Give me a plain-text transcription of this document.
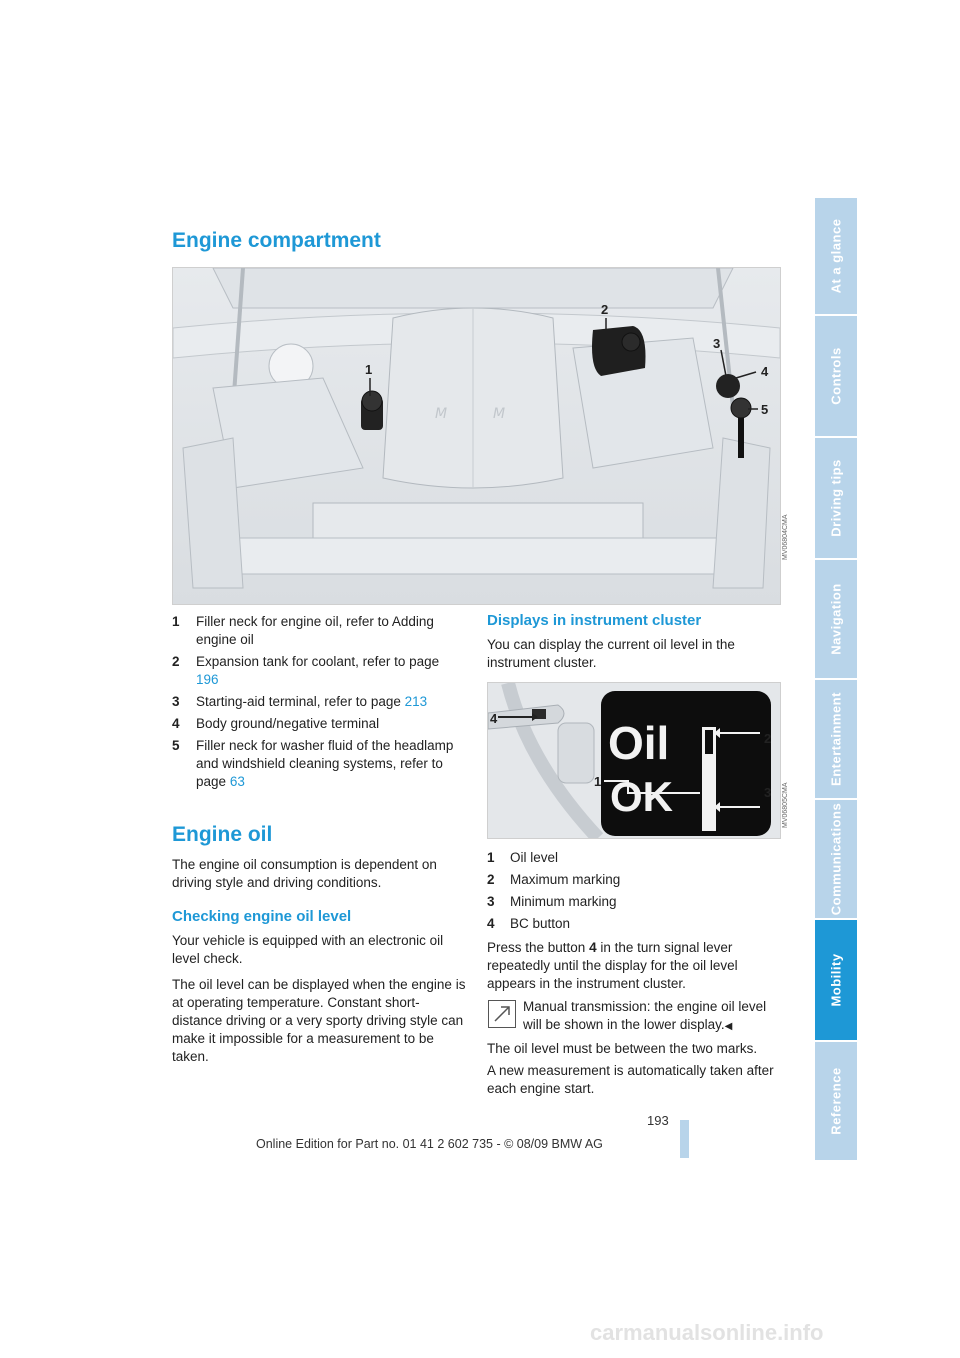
At a glance
Controls
Driving tips
Navigation
Entertainment
Communications
Mobility
Reference
Engine compartment
M	M
1
2
3
4
5
MV06804CMA
1 Filler neck for engine oil, refer to Adding engine oil
2 Expansion tank for coolant, refer to page 196
3 Starting-aid terminal, refer to page 213
4 Body ground/negative terminal
5 Filler neck for washer fluid of the headlamp and windshield cleaning systems, refer to page 63
Engine oil

The engine oil consumption is dependent on driving style and driving conditions.

Checking engine oil level

Your vehicle is equipped with an electronic oil level check.

The oil level can be displayed when the engine is at operating temperature. Constant short-distance driving or a very sporty driving style can make it impossible for a measurement to be taken.

Displays in instrument cluster

You can display the current oil level in the instrument cluster.

Oil
OK
4
1
2
3 MV06805CMA
1 Oil level
2 Maximum marking
3 Minimum marking
4 BC button

Press the button 4 in the turn signal lever repeatedly until the display for the oil level appears in the instrument cluster.

Manual transmission: the engine oil level will be shown in the lower display.◀

The oil level must be between the two marks.

A new measurement is automatically taken after each engine start.

193
Online Edition for Part no. 01 41 2 602 735 - © 08/09 BMW AG
carmanualsonline.info
